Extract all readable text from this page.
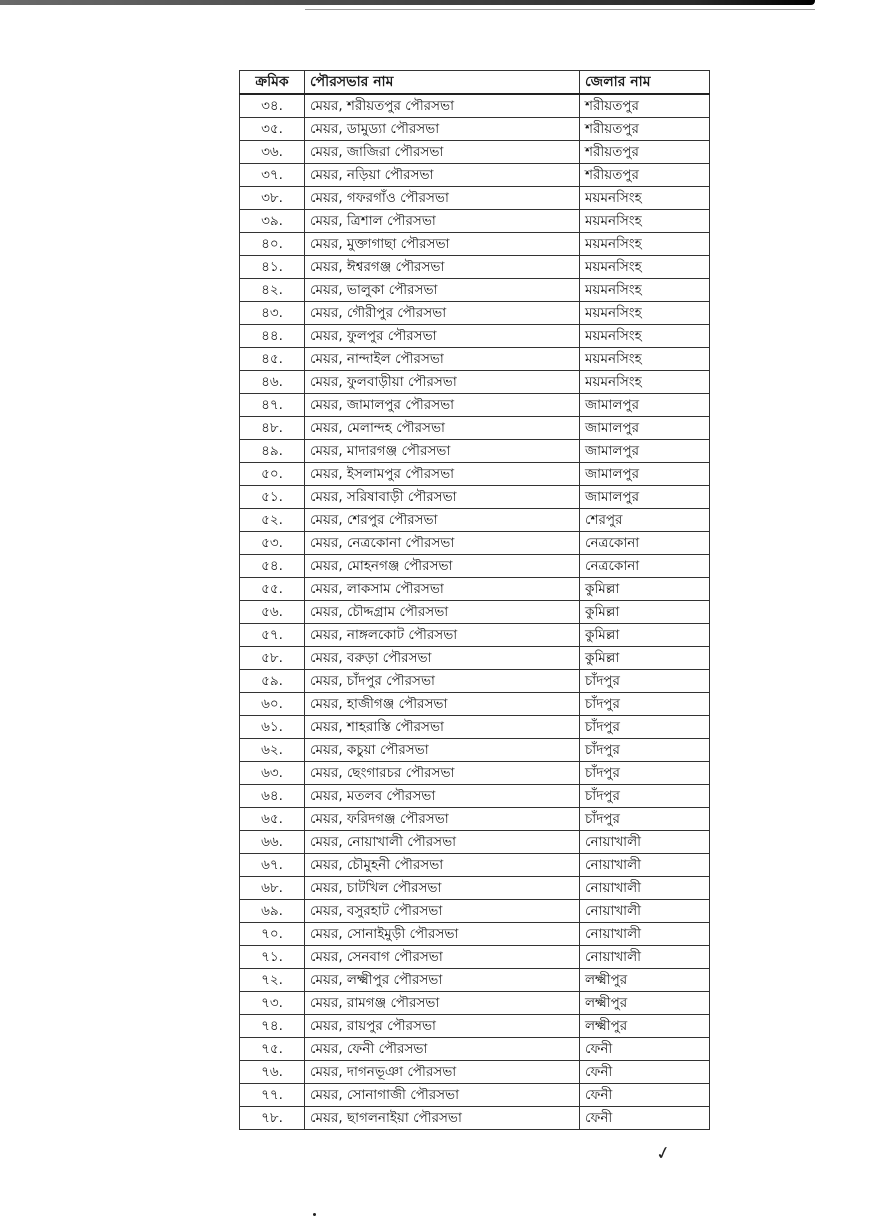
ক্রমিক	পৌরসভার নাম	জেলার নাম
৩৪.	মেয়র, শরীয়তপুর পৌরসভা	শরীয়তপুর
৩৫.	মেয়র, ডামুড্যা পৌরসভা	শরীয়তপুর
৩৬.	মেয়র, জাজিরা পৌরসভা	শরীয়তপুর
৩৭.	মেয়র, নড়িয়া পৌরসভা	শরীয়তপুর
৩৮.	মেয়র, গফরগাঁও পৌরসভা	ময়মনসিংহ
৩৯.	মেয়র, ত্রিশাল পৌরসভা	ময়মনসিংহ
৪০.	মেয়র, মুক্তাগাছা পৌরসভা	ময়মনসিংহ
৪১.	মেয়র, ঈশ্বরগঞ্জ পৌরসভা	ময়মনসিংহ
৪২.	মেয়র, ভালুকা পৌরসভা	ময়মনসিংহ
৪৩.	মেয়র, গৌরীপুর পৌরসভা	ময়মনসিংহ
৪৪.	মেয়র, ফুলপুর পৌরসভা	ময়মনসিংহ
৪৫.	মেয়র, নান্দাইল পৌরসভা	ময়মনসিংহ
৪৬.	মেয়র, ফুলবাড়ীয়া পৌরসভা	ময়মনসিংহ
৪৭.	মেয়র, জামালপুর পৌরসভা	জামালপুর
৪৮.	মেয়র, মেলান্দহ পৌরসভা	জামালপুর
৪৯.	মেয়র, মাদারগঞ্জ পৌরসভা	জামালপুর
৫০.	মেয়র, ইসলামপুর পৌরসভা	জামালপুর
৫১.	মেয়র, সরিষাবাড়ী পৌরসভা	জামালপুর
৫২.	মেয়র, শেরপুর পৌরসভা	শেরপুর
৫৩.	মেয়র, নেত্রকোনা পৌরসভা	নেত্রকোনা
৫৪.	মেয়র, মোহনগঞ্জ পৌরসভা	নেত্রকোনা
৫৫.	মেয়র, লাকসাম পৌরসভা	কুমিল্লা
৫৬.	মেয়র, চৌদ্দগ্রাম পৌরসভা	কুমিল্লা
৫৭.	মেয়র, নাঙ্গলকোট পৌরসভা	কুমিল্লা
৫৮.	মেয়র, বরুড়া পৌরসভা	কুমিল্লা
৫৯.	মেয়র, চাঁদপুর পৌরসভা	চাঁদপুর
৬০.	মেয়র, হাজীগঞ্জ পৌরসভা	চাঁদপুর
৬১.	মেয়র, শাহরাস্তি পৌরসভা	চাঁদপুর
৬২.	মেয়র, কচুয়া পৌরসভা	চাঁদপুর
৬৩.	মেয়র, ছেংগারচর পৌরসভা	চাঁদপুর
৬৪.	মেয়র, মতলব পৌরসভা	চাঁদপুর
৬৫.	মেয়র, ফরিদগঞ্জ পৌরসভা	চাঁদপুর
৬৬.	মেয়র, নোয়াখালী পৌরসভা	নোয়াখালী
৬৭.	মেয়র, চৌমুহনী পৌরসভা	নোয়াখালী
৬৮.	মেয়র, চাটখিল পৌরসভা	নোয়াখালী
৬৯.	মেয়র, বসুরহাট পৌরসভা	নোয়াখালী
৭০.	মেয়র, সোনাইমুড়ী পৌরসভা	নোয়াখালী
৭১.	মেয়র, সেনবাগ পৌরসভা	নোয়াখালী
৭২.	মেয়র, লক্ষ্মীপুর পৌরসভা	লক্ষ্মীপুর
৭৩.	মেয়র, রামগঞ্জ পৌরসভা	লক্ষ্মীপুর
৭৪.	মেয়র, রায়পুর পৌরসভা	লক্ষ্মীপুর
৭৫.	মেয়র, ফেনী পৌরসভা	ফেনী
৭৬.	মেয়র, দাগনভূঞা পৌরসভা	ফেনী
৭৭.	মেয়র, সোনাগাজী পৌরসভা	ফেনী
৭৮.	মেয়র, ছাগলনাইয়া পৌরসভা	ফেনী
✓
